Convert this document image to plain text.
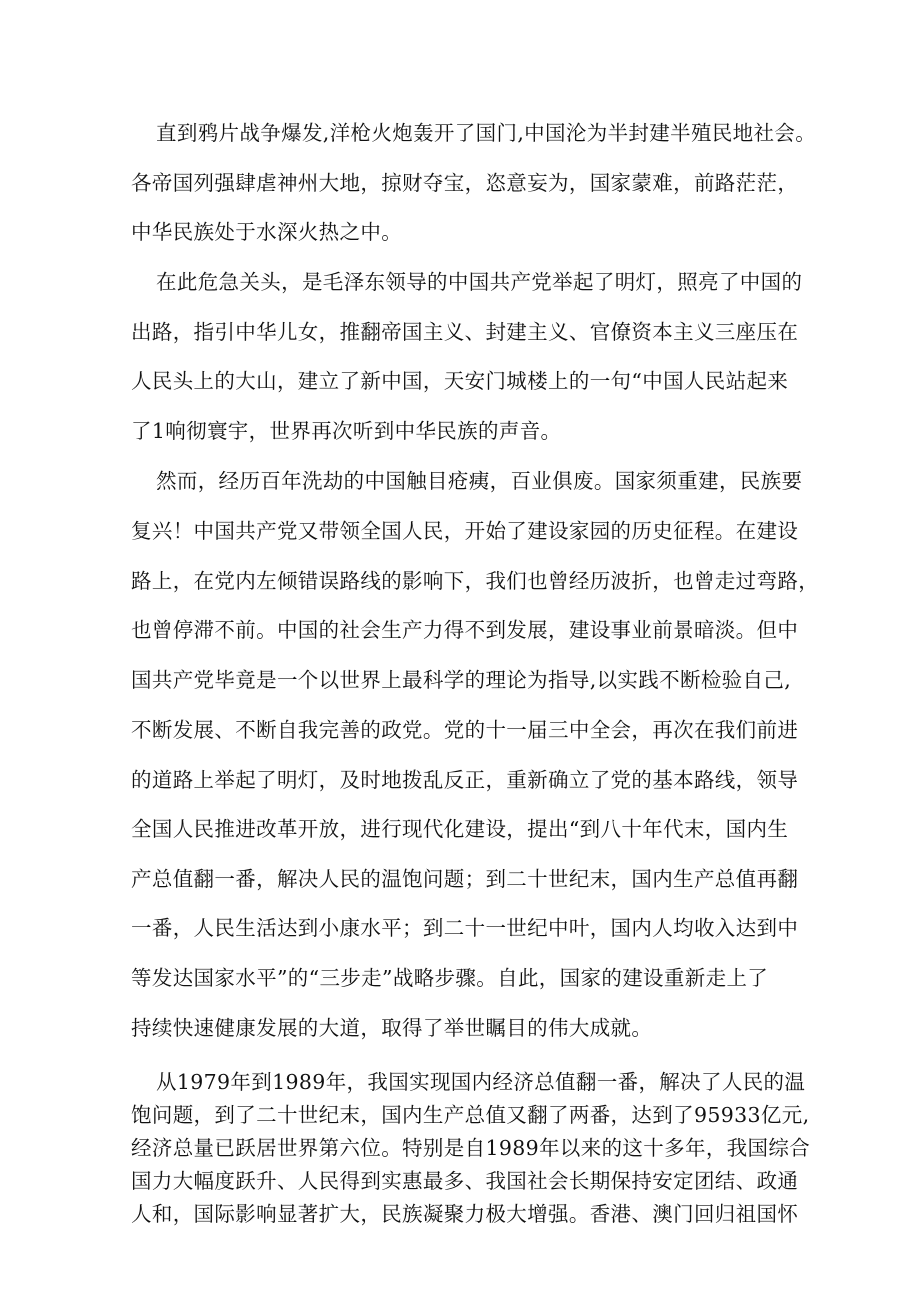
直到鸦片战争爆发,洋枪火炮轰开了国门,中国沦为半封建半殖民地社会。
各帝国列强肆虐神州大地，掠财夺宝，恣意妄为，国家蒙难，前路茫茫，
中华民族处于水深火热之中。
在此危急关头，是毛泽东领导的中国共产党举起了明灯，照亮了中国的
出路，指引中华儿女，推翻帝国主义、封建主义、官僚资本主义三座压在
人民头上的大山，建立了新中国，天安门城楼上的一句“中国人民站起来
了1响彻寰宇，世界再次听到中华民族的声音。
然而，经历百年洗劫的中国触目疮痍，百业俱废。国家须重建，民族要
复兴！中国共产党又带领全国人民，开始了建设家园的历史征程。在建设
路上，在党内左倾错误路线的影响下，我们也曾经历波折，也曾走过弯路，
也曾停滞不前。中国的社会生产力得不到发展，建设事业前景暗淡。但中
国共产党毕竟是一个以世界上最科学的理论为指导,以实践不断检验自己,
不断发展、不断自我完善的政党。党的十一届三中全会，再次在我们前进
的道路上举起了明灯，及时地拨乱反正，重新确立了党的基本路线，领导
全国人民推进改革开放，进行现代化建设，提出“到八十年代末，国内生
产总值翻一番，解决人民的温饱问题；到二十世纪末，国内生产总值再翻
一番，人民生活达到小康水平；到二十一世纪中叶，国内人均收入达到中
等发达国家水平”的“三步走”战略步骤。自此，国家的建设重新走上了
持续快速健康发展的大道，取得了举世瞩目的伟大成就。
从1979年到1989年，我国实现国内经济总值翻一番，解决了人民的温
饱问题，到了二十世纪末，国内生产总值又翻了两番，达到了95933亿元,
经济总量已跃居世界第六位。特别是自1989年以来的这十多年，我国综合
国力大幅度跃升、人民得到实惠最多、我国社会长期保持安定团结、政通
人和，国际影响显著扩大，民族凝聚力极大增强。香港、澳门回归祖国怀
